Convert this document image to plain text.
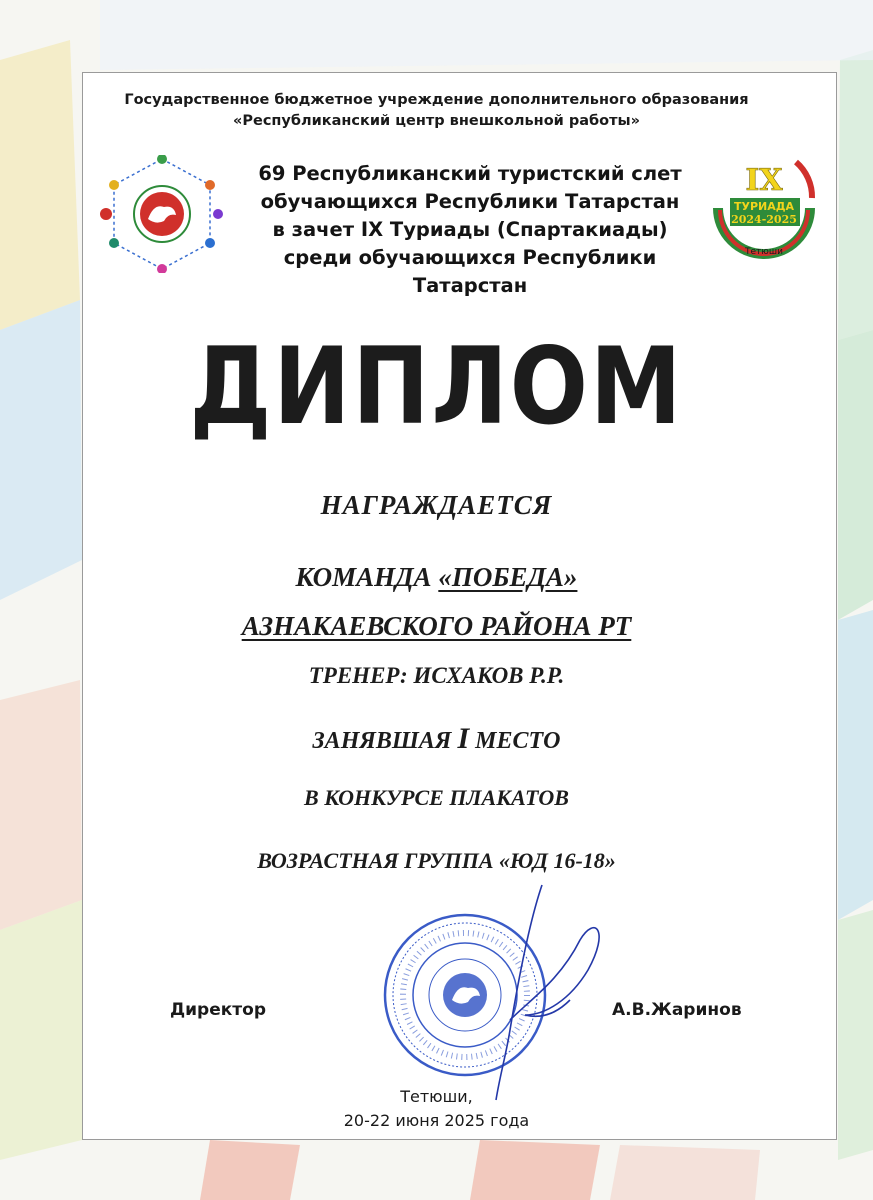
IX
ТУРИАДА
2024-2025
Тетюши
Государственное бюджетное учреждение дополнительного образования
«Республиканский центр внешкольной работы»
69 Республиканский туристский слет
обучающихся Республики Татарстан
в зачет IX Туриады (Спартакиады)
среди обучающихся Республики Татарстан
ДИПЛОМ
НАГРАЖДАЕТСЯ
КОМАНДА «ПОБЕДА»
АЗНАКАЕВСКОГО РАЙОНА РТ
ТРЕНЕР: ИСХАКОВ Р.Р.
ЗАНЯВШАЯ I МЕСТО
В КОНКУРСЕ ПЛАКАТОВ
ВОЗРАСТНАЯ ГРУППА «ЮД 16-18»
Директор	А.В.Жаринов
Тетюши,
20-22 июня 2025 года
